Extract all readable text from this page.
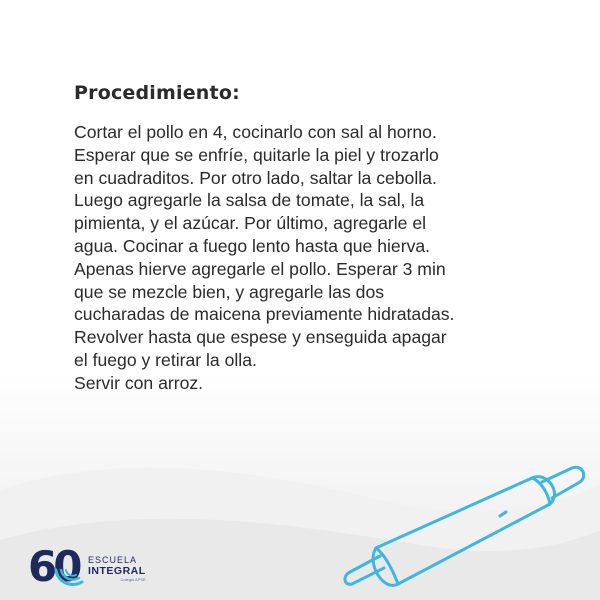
Procedimiento:

Cortar el pollo en 4, cocinarlo con sal al horno.

Esperar que se enfríe, quitarle la piel y trozarlo

en cuadraditos. Por otro lado, saltar la cebolla.

Luego agregarle la salsa de tomate, la sal, la

pimienta, y el azúcar. Por último, agregarle el

agua. Cocinar a fuego lento hasta que hierva.

Apenas hierve agregarle el pollo. Esperar 3 min

que se mezcle bien, y agregarle las dos

cucharadas de maicena previamente hidratadas.

Revolver hasta que espese y enseguida apagar

el fuego y retirar la olla.

Servir con arroz.

60 ESCUELA
INTEGRAL
Colegio APSE
